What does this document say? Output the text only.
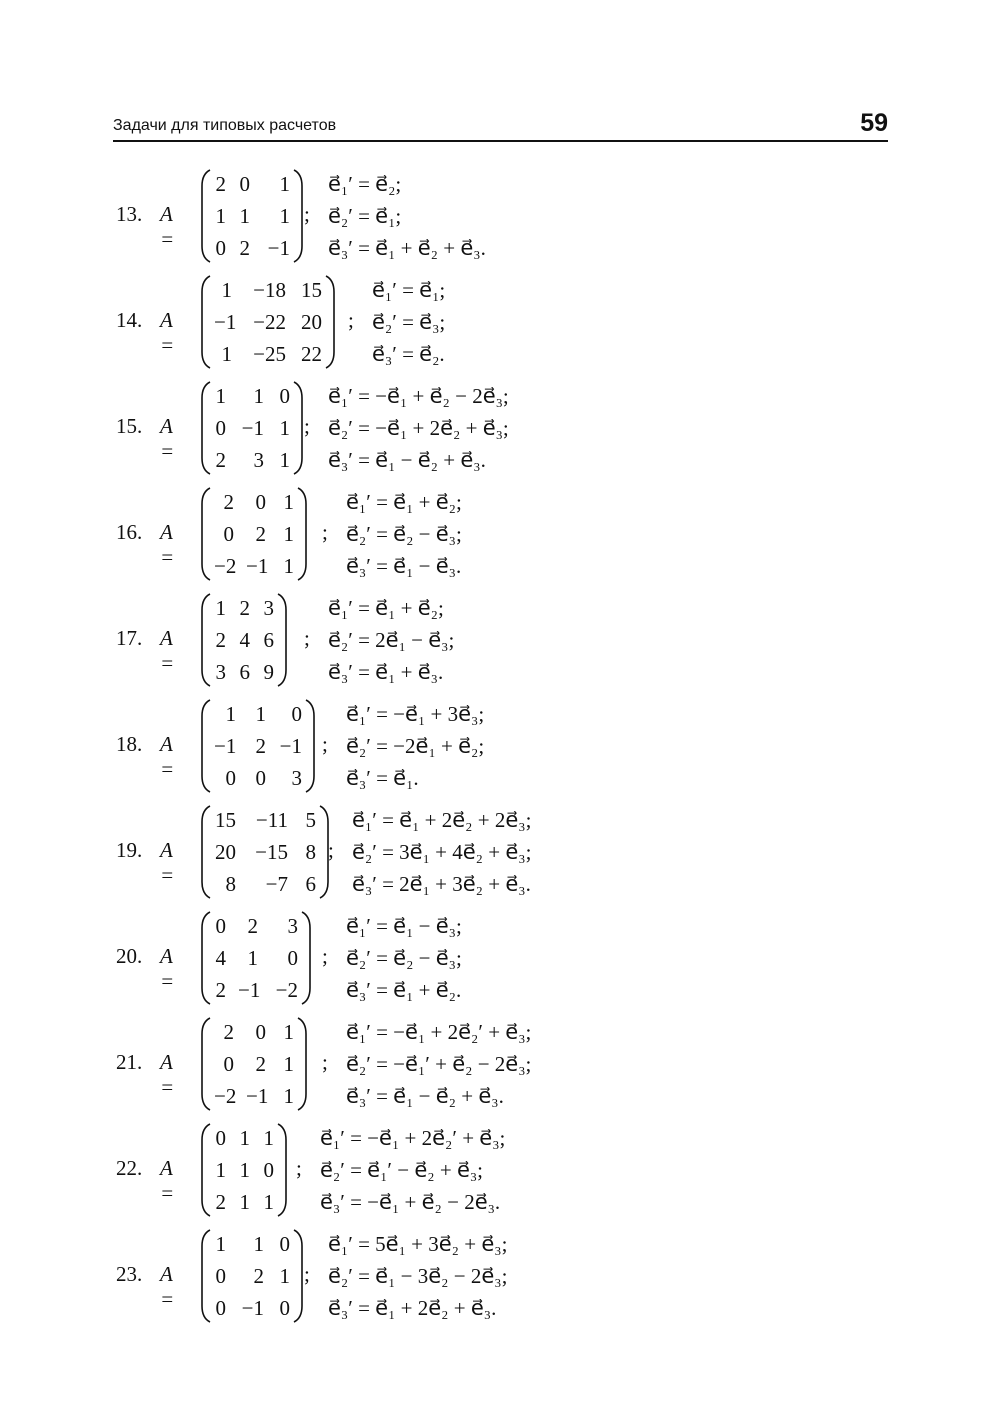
Задачи для типовых расчетов	59
13. A =
2 0	1
1 1	1
0 2 −1
;
e⃗₁′ = e⃗₂;
e⃗₂′ = e⃗₁;
e⃗₃′ = e⃗₁ + e⃗₂ + e⃗₃.
14. A =
1	−18 15
−1 −22 20
1	−25 22
;
e⃗₁′ = e⃗₁;
e⃗₂′ = e⃗₃;
e⃗₃′ = e⃗₂.
15. A =
1	1 0
0 −1 1
2	3 1
;
e⃗₁′ = −e⃗₁ + e⃗₂ − 2e⃗₃;
e⃗₂′ = −e⃗₁ + 2e⃗₂ + e⃗₃;
e⃗₃′ = e⃗₁ − e⃗₂ + e⃗₃.
16. A =
2	0 1
0	2 1
−2 −1 1
;
e⃗₁′ = e⃗₁ + e⃗₂;
e⃗₂′ = e⃗₂ − e⃗₃;
e⃗₃′ = e⃗₁ − e⃗₃.
17. A =
1 2 3
2 4 6
3 6 9
;
e⃗₁′ = e⃗₁ + e⃗₂;
e⃗₂′ = 2e⃗₁ − e⃗₃;
e⃗₃′ = e⃗₁ + e⃗₃.
18. A =
1 1	0
−1 2 −1
0 0	3
;
e⃗₁′ = −e⃗₁ + 3e⃗₃;
e⃗₂′ = −2e⃗₁ + e⃗₂;
e⃗₃′ = e⃗₁.
19. A =
15 −11 5
20 −15 8
8	−7 6
;
e⃗₁′ = e⃗₁ + 2e⃗₂ + 2e⃗₃;
e⃗₂′ = 3e⃗₁ + 4e⃗₂ + e⃗₃;
e⃗₃′ = 2e⃗₁ + 3e⃗₂ + e⃗₃.
20. A =
0	2	3
4	1	0
2 −1 −2
;
e⃗₁′ = e⃗₁ − e⃗₃;
e⃗₂′ = e⃗₂ − e⃗₃;
e⃗₃′ = e⃗₁ + e⃗₂.
21. A =
2	0 1
0	2 1
−2 −1 1
;
e⃗₁′ = −e⃗₁ + 2e⃗₂′ + e⃗₃;
e⃗₂′ = −e⃗₁′ + e⃗₂ − 2e⃗₃;
e⃗₃′ = e⃗₁ − e⃗₂ + e⃗₃.
22. A =
0 1 1
1 1 0
2 1 1
;
e⃗₁′ = −e⃗₁ + 2e⃗₂′ + e⃗₃;
e⃗₂′ = e⃗₁′ − e⃗₂ + e⃗₃;
e⃗₃′ = −e⃗₁ + e⃗₂ − 2e⃗₃.
23. A =
1	1 0
0	2 1
0 −1 0
;
e⃗₁′ = 5e⃗₁ + 3e⃗₂ + e⃗₃;
e⃗₂′ = e⃗₁ − 3e⃗₂ − 2e⃗₃;
e⃗₃′ = e⃗₁ + 2e⃗₂ + e⃗₃.
